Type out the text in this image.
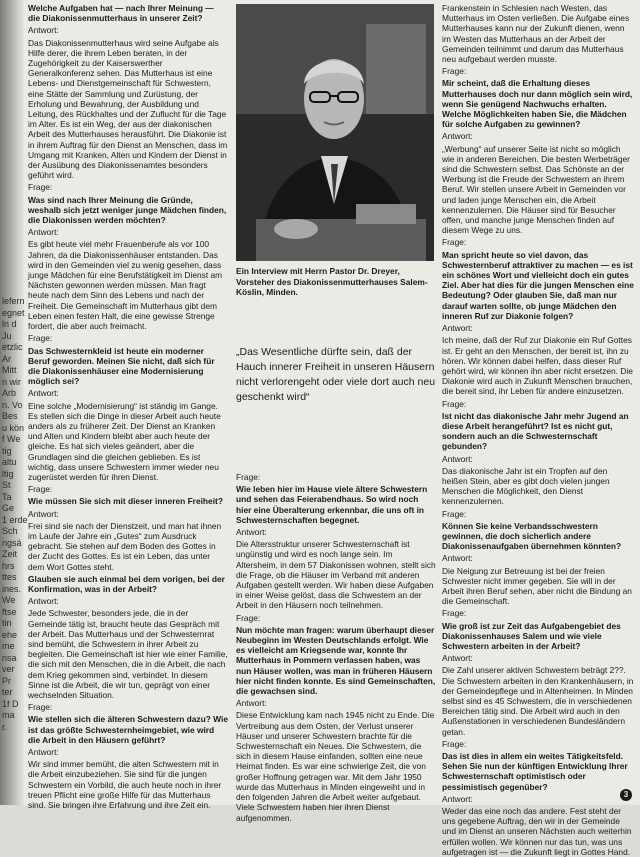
lefern
egnet
ln d
Ju
etzlic
Ar
Mitt
n wir
Arb
n. Vo
Bes
u kön
f We
tig
altu
ltig
St
Ta
Ge
1 erde
Sch
ngsä
Zeit
hrs
ttes
ines.
We
ftse
tin
ehe
me
nsa
ver
Pr
ter
1f D
ma
r.

Welche Aufgaben hat — nach Ihrer Meinung — die Diakonissenmutterhaus in unserer Zeit?

Antwort:

Das Diakonissenmutterhaus wird seine Aufgabe als Hilfe derer, die ihrem Leben beraten, in der Zugehörigkeit zu der Kaiserswerther Generalkonferenz sehen. Das Mutterhaus ist eine Lebens- und Dienstgemeinschaft für Schwestern, eine Stätte der Sammlung und Zurüstung, der Erholung und Bewahrung, der Ausbildung und Leitung, des Rückhaltes und der Zuflucht für die Tage im Alter. Es ist ein Weg, der aus der diakonischen Arbeit des Mutterhauses herausführt. Die Diakonie ist in ihrem Auftrag für den Dienst an Menschen, dass im Umgang mit Kranken, Alten und Kindern der Dienst in der Ausübung des Diakonissenamtes besonders geführt wird.

Frage:

Was sind nach Ihrer Meinung die Gründe, weshalb sich jetzt weniger junge Mädchen finden, die Diakonissen werden möchten?

Antwort:

Es gibt heute viel mehr Frauenberufe als vor 100 Jahren, da die Diakonissenhäuser entstanden. Das wird in den Gemeinden viel zu wenig gesehen, dass junge Mädchen für eine Berufstätigkeit im Dienst am Nächsten gewonnen werden müssen. Man fragt heute nach dem Sinn des Lebens und nach der Freiheit. Die Gemeinschaft im Mutterhaus gibt dem Leben einen festen Halt, die eine gewisse Strenge fordert, die aber auch freimacht.

Frage:

Das Schwesternkleid ist heute ein moderner Beruf geworden. Meinen Sie nicht, daß sich für die Diakonissenhäuser eine Modernisierung möglich sei?

Antwort:

Eine solche „Modernisierung“ ist ständig im Gange. Es stellen sich die Dinge in dieser Arbeit auch heute anders als zu früherer Zeit. Der Dienst an Kranken und Alten und Kindern bleibt aber auch heute der gleiche. Es hat sich vieles geändert, aber die Grundlagen sind die gleichen geblieben. Es ist wichtig, dass unsere Schwestern immer wieder neu zugerüstet werden für ihren Dienst.

Frage:

Wie müssen Sie sich mit dieser inneren Freiheit?

Antwort:

Frei sind sie nach der Dienstzeit, und man hat ihnen im Laufe der Jahre ein „Gutes“ zum Ausdruck gebracht. Sie stehen auf dem Boden des Gottes in der Zucht des Gottes. Es ist ein Leben, das unter dem Wort Gottes steht.

Glauben sie auch einmal bei dem vorigen, bei der Konfirmation, was in der Arbeit?

Antwort:

Jede Schwester, besonders jede, die in der Gemeinde tätig ist, braucht heute das Gespräch mit der Arbeit. Das Mutterhaus und der Schwesternrat sind bemüht, die Schwestern in ihrer Arbeit zu begleiten. Die Gemeinschaft ist hier wie einer Familie, die sich mit den Menschen, die in die Arbeit, die nach dem Krieg gekommen sind, verbindet. In diesem Sinne ist die Arbeit, die wir tun, geprägt von einer wechselnden Situation.

Frage:

Wie stellen sich die älteren Schwestern dazu? Wie ist das größte Schwesternheimgebiet, wie wird die Arbeit in den Häusern geführt?

Antwort:

Wir sind immer bemüht, die alten Schwestern mit in die Arbeit einzubeziehen. Sie sind für die jungen Schwestern ein Vorbild, die auch heute noch in ihrer treuen Pflicht eine große Hilfe für das Mutterhaus sind. Sie bringen ihre Erfahrung und ihre Zeit ein.

Ein Interview mit Herrn Pastor Dr. Dreyer, Vorsteher des Diakonissenmutterhauses Salem-Köslin, Minden.
„Das Wesentliche dürfte sein, daß der Hauch innerer Freiheit in unseren Häusern nicht verlorengeht oder viele dort auch neu geschenkt wird“

Frage:

Wie leben hier im Hause viele ältere Schwestern und sehen das Feierabendhaus. So wird noch hier eine Überalterung erkennbar, die uns oft in Schwesternschaften begegnet.

Antwort:

Die Altersstruktur unserer Schwesternschaft ist ungünstig und wird es noch lange sein. Im Altersheim, in dem 57 Diakonissen wohnen, stellt sich die Frage, ob die Häuser im Verband mit anderen Aufgaben gestellt werden. Wir haben diese Aufgaben in einer Weise gelöst, dass die Schwestern an der Arbeit in den Häusern noch teilnehmen.

Frage:

Nun möchte man fragen: warum überhaupt dieser Neubeginn im Westen Deutschlands erfolgt. Wie es vielleicht am Kriegsende war, konnte Ihr Mutterhaus in Pommern verlassen haben, was nun Häuser wollen, was man in früheren Häusern hier nicht finden konnte. Es sind Gemeinschaften, die gewachsen sind.

Antwort:

Diese Entwicklung kam nach 1945 nicht zu Ende. Die Vertreibung aus dem Osten, der Verlust unserer Häuser und unserer Schwestern brachte für die Schwesternschaft ein Neues. Die Schwestern, die sich in diesem Hause einfanden, sollten eine neue Heimat finden. Es war eine schwierige Zeit, die von großer Hoffnung getragen war. Mit dem Jahr 1950 wurde das Mutterhaus in Minden eingeweiht und in den folgenden Jahren die Arbeit weiter aufgebaut. Viele Schwestern haben hier ihren Dienst aufgenommen.

Frankenstein in Schlesien nach Westen, das Mutterhaus im Osten verließen. Die Aufgabe eines Mutterhauses kann nur der Zukunft dienen, wenn im Westen das Mutterhaus an der Arbeit der Gemeinden teilnimmt und darum das Mutterhaus neu aufgebaut werden musste.

Frage:

Mir scheint, daß die Erhaltung dieses Mutterhauses doch nur dann möglich sein wird, wenn Sie genügend Nachwuchs erhalten. Welche Möglichkeiten haben Sie, die Mädchen für solche Aufgaben zu gewinnen?

Antwort:

„Werbung“ auf unserer Seite ist nicht so möglich wie in anderen Bereichen. Die besten Werbeträger sind die Schwestern selbst. Das Schönste an der Werbung ist die Freude der Schwestern an ihrem Beruf. Wir stellen unsere Arbeit in Gemeinden vor und laden junge Menschen ein, die Arbeit kennenzulernen. Die Häuser sind für Besucher offen, und manche junge Menschen finden auf diesem Wege zu uns.

Frage:

Man spricht heute so viel davon, das Schwesternberuf attraktiver zu machen — es ist ein schönes Wort und vielleicht doch ein gutes Ziel. Aber hat dies für die jungen Menschen eine Bedeutung? Oder glauben Sie, daß man nur darauf warten sollte, ob junge Mädchen den inneren Ruf zur Diakonie folgen?

Antwort:

Ich meine, daß der Ruf zur Diakonie ein Ruf Gottes ist. Er geht an den Menschen, der bereit ist, ihn zu hören. Wir können dabei helfen, dass dieser Ruf gehört wird, wir können ihn aber nicht ersetzen. Die Diakonie wird auch in Zukunft Menschen brauchen, die bereit sind, ihr Leben für andere einzusetzen.

Frage:

Ist nicht das diakonische Jahr mehr Jugend an diese Arbeit herangeführt? Ist es nicht gut, sondern auch an die Schwesternschaft gebunden?

Antwort:

Das diakonische Jahr ist ein Tropfen auf den heißen Stein, aber es gibt doch vielen jungen Menschen die Möglichkeit, den Dienst kennenzulernen.

Frage:

Können Sie keine Verbandsschwestern gewinnen, die doch sicherlich andere Diakonissenaufgaben übernehmen könnten?

Antwort:

Die Neigung zur Betreuung ist bei der freien Schwester nicht immer gegeben. Sie will in der Arbeit ihren Beruf sehen, aber nicht die Bindung an die Gemeinschaft.

Frage:

Wie groß ist zur Zeit das Aufgabengebiet des Diakonissenhauses Salem und wie viele Schwestern arbeiten in der Arbeit?

Antwort:

Die Zahl unserer aktiven Schwestern beträgt 2??. Die Schwestern arbeiten in den Krankenhäusern, in der Gemeindepflege und in Altenheimen. In Minden selbst sind es 45 Schwestern, die in verschiedenen Bereichen tätig sind. Die Arbeit wird auch in den Außenstationen in verschiedenen Bundesländern getan.

Frage:

Das ist dies in allem ein weites Tätigkeitsfeld. Sehen Sie nun der künftigen Entwicklung Ihrer Schwesternschaft optimistisch oder pessimistisch gegenüber?

Antwort:

Weder das eine noch das andere. Fest steht der uns gegebene Auftrag, den wir in der Gemeinde und im Dienst an unseren Nächsten auch weiterhin erfüllen wollen. Wir können nur das tun, was uns aufgetragen ist — die Zukunft liegt in Gottes Hand.

3
